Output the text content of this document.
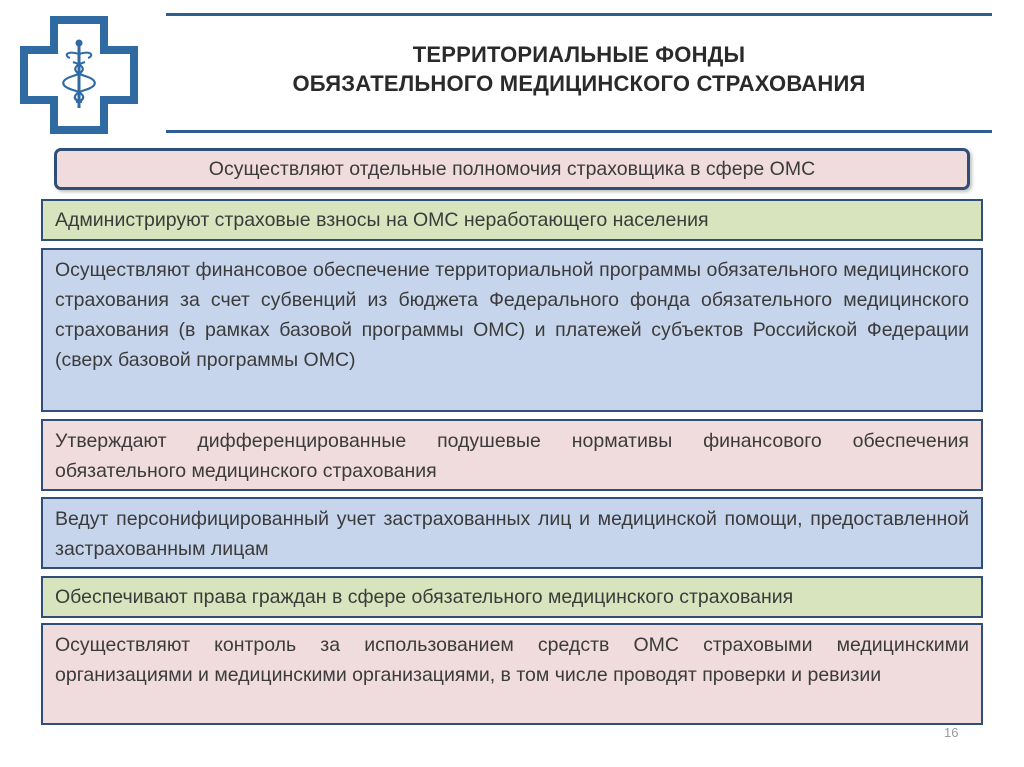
ТЕРРИТОРИАЛЬНЫЕ ФОНДЫ
ОБЯЗАТЕЛЬНОГО МЕДИЦИНСКОГО СТРАХОВАНИЯ
Осуществляют отдельные полномочия страховщика в сфере ОМС
Администрируют страховые взносы на ОМС неработающего населения
Осуществляют финансовое обеспечение территориальной программы обязательного медицинского страхования за счет субвенций из бюджета Федерального фонда обязательного медицинского страхования (в рамках базовой программы ОМС) и платежей субъектов Российской Федерации (сверх базовой программы ОМС)
Утверждают дифференцированные подушевые нормативы финансового обеспечения обязательного медицинского страхования
Ведут персонифицированный учет застрахованных лиц и медицинской помощи, предоставленной застрахованным лицам
Обеспечивают права граждан в сфере обязательного медицинского страхования
Осуществляют контроль за использованием средств ОМС страховыми медицинскими организациями и медицинскими организациями, в том числе проводят проверки и ревизии
16
